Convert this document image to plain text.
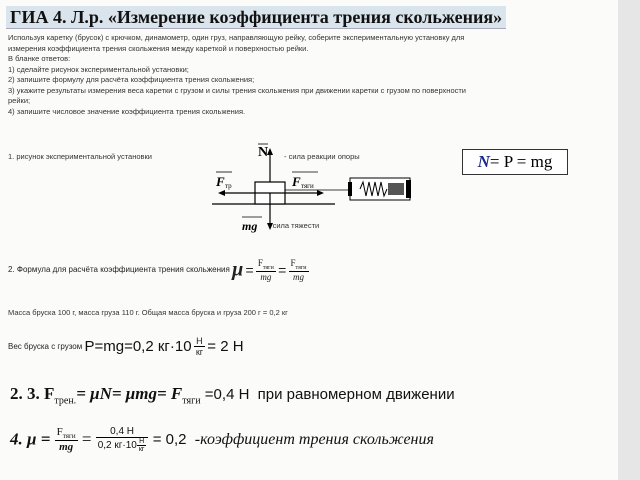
ГИА 4. Л.р. «Измерение коэффициента трения скольжения»
Используя каретку (брусок) с крючком, динамометр, один груз, направляющую рейку, соберите экспериментальную установку для
измерения коэффициента трения скольжения между кареткой и поверхностью рейки.
В бланке ответов:
1) сделайте рисунок экспериментальной установки;
2) запишите формулу для расчёта коэффициента трения скольжения;
3) укажите результаты измерения веса каретки с грузом и силы трения скольжения при движении каретки с грузом по поверхности
рейки;
4) запишите числовое значение коэффициента трения скольжения.
1. рисунок экспериментальной установки	N
F тр	F тяги
mg
- сила реакции опоры
- сила тяжести
N= P = mg
2. Формула для расчёта коэффициента трения скольжения $\mu = \frac{F_{тяги}}{mg} = \frac{F_{тяги}}{mg}$
Масса бруска 100 г, масса груза 110 г. Общая масса бруска и груза 200 г = 0,2 кг
Вес бруска с грузом P=mg=0,2 $кг\cdot 10 \frac{Н}{кг} = 2$ Н
2. 3. $F_{трен.}= \mu N= \mu mg= F_{тяги} =0,4$ Н при равномерном движении
4. $\mu = \frac{F_{тяги}}{mg} = \frac{0,4 Н}{0,2 кг\cdot 10 \frac{Н}{кг}} = 0,2$ -коэффициент трения скольжения
